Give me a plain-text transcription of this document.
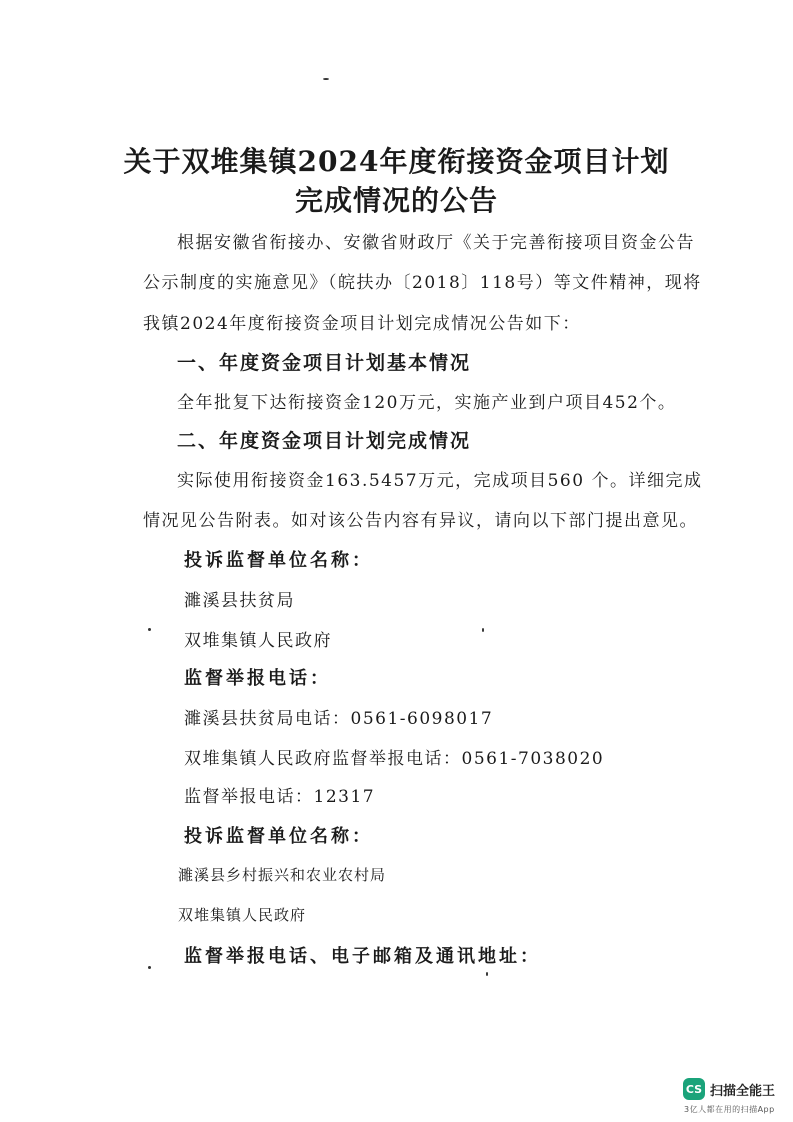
关于双堆集镇2024年度衔接资金项目计划
完成情况的公告
根据安徽省衔接办、安徽省财政厅《关于完善衔接项目资金公告
公示制度的实施意见》（皖扶办〔2018〕118号）等文件精神，现将
我镇2024年度衔接资金项目计划完成情况公告如下：
一、年度资金项目计划基本情况
全年批复下达衔接资金120万元，实施产业到户项目452个。
二、年度资金项目计划完成情况
实际使用衔接资金163.5457万元，完成项目560 个。详细完成
情况见公告附表。如对该公告内容有异议，请向以下部门提出意见。
投诉监督单位名称：
濉溪县扶贫局
双堆集镇人民政府
监督举报电话：
濉溪县扶贫局电话：0561-6098017
双堆集镇人民政府监督举报电话：0561-7038020
监督举报电话：12317
投诉监督单位名称：
濉溪县乡村振兴和农业农村局
双堆集镇人民政府
监督举报电话、电子邮箱及通讯地址：
CS 扫描全能王
3亿人都在用的扫描App
